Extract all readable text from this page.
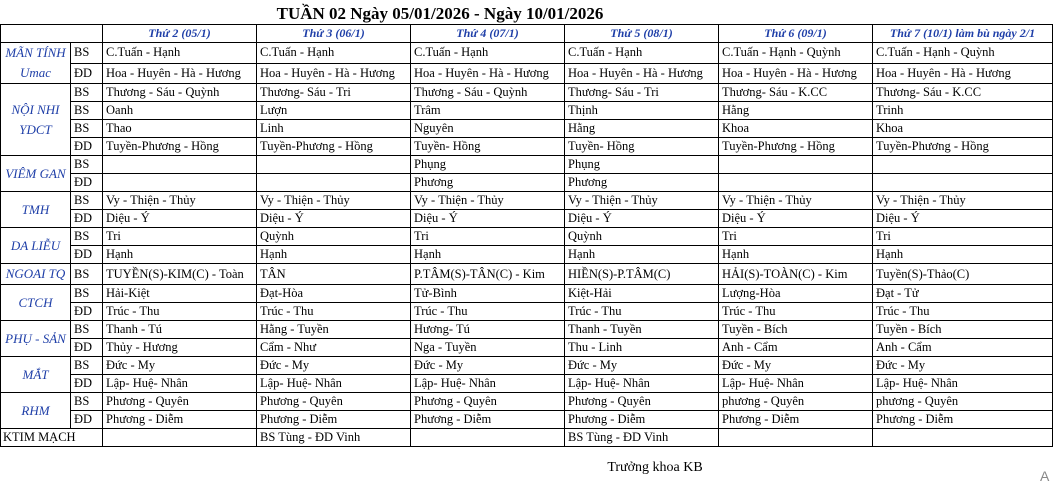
TUẦN 02 Ngày 05/01/2026 - Ngày 10/01/2026
		Thứ 2 (05/1)	Thứ 3 (06/1)	Thứ 4 (07/1)	Thứ 5 (08/1)	Thứ 6 (09/1)	Thứ 7 (10/1) làm bù ngày 2/1
MÃN TÍNH Umac	BS	C.Tuấn - Hạnh	C.Tuấn - Hạnh	C.Tuấn - Hạnh	C.Tuấn - Hạnh	C.Tuấn - Hạnh - Quỳnh	C.Tuấn - Hạnh - Quỳnh
	ĐD	Hoa - Huyên - Hà - Hương	Hoa - Huyên - Hà - Hương	Hoa - Huyên - Hà - Hương	Hoa - Huyên - Hà - Hương	Hoa - Huyên - Hà - Hương	Hoa - Huyên - Hà - Hương
NỘI NHI YDCT	BS	Thương - Sáu - Quỳnh	Thương- Sáu - Tri	Thương - Sáu - Quỳnh	Thương- Sáu - Tri	Thương- Sáu - K.CC	Thương- Sáu - K.CC
	BS	Oanh	Lượn	Trâm	Thịnh	Hằng	Trinh
	BS	Thao	Linh	Nguyên	Hằng	Khoa	Khoa
	ĐD	Tuyền-Phương - Hồng	Tuyền-Phương - Hồng	Tuyền- Hồng	Tuyền- Hồng	Tuyền-Phương - Hồng	Tuyền-Phương - Hồng
VIÊM GAN	BS			Phụng	Phụng		
	ĐD			Phương	Phương		
TMH	BS	Vy - Thiện - Thủy	Vy - Thiện - Thủy	Vy - Thiện - Thủy	Vy - Thiện - Thủy	Vy - Thiện - Thủy	Vy - Thiện - Thủy
	ĐD	Diệu - Ý	Diệu - Ý	Diệu - Ý	Diệu - Ý	Diệu - Ý	Diệu - Ý
DA LIỄU	BS	Tri	Quỳnh	Tri	Quỳnh	Tri	Tri
	ĐD	Hạnh	Hạnh	Hạnh	Hạnh	Hạnh	Hạnh
NGOAI TQ	BS	TUYỀN(S)-KIM(C) - Toàn	TÂN	P.TÂM(S)-TÂN(C) - Kim	HIỀN(S)-P.TÂM(C)	HẢI(S)-TOÀN(C) - Kim	Tuyền(S)-Thảo(C)
CTCH	BS	Hải-Kiệt	Đạt-Hòa	Tử-Bình	Kiệt-Hải	Lượng-Hòa	Đạt - Tử
	ĐD	Trúc - Thu	Trúc - Thu	Trúc - Thu	Trúc - Thu	Trúc - Thu	Trúc - Thu
PHỤ - SẢN	BS	Thanh - Tú	Hằng - Tuyền	Hương- Tú	Thanh - Tuyền	Tuyền - Bích	Tuyền - Bích
	ĐD	Thủy - Hương	Cẩm - Như	Nga - Tuyền	Thu - Linh	Anh - Cẩm	Anh - Cẩm
MẮT	BS	Đức - My	Đức - My	Đức - My	Đức - My	Đức - My	Đức - My
	ĐD	Lập- Huệ- Nhân	Lập- Huệ- Nhân	Lập- Huệ- Nhân	Lập- Huệ- Nhân	Lập- Huệ- Nhân	Lập- Huệ- Nhân
RHM	BS	Phương - Quyên	Phương - Quyên	Phương - Quyên	Phương - Quyên	phương - Quyên	phương - Quyên
	ĐD	Phương - Diễm	Phương - Diễm	Phương - Diễm	Phương - Diễm	Phương - Diễm	Phương - Diễm
KTIM MẠCH			BS Tùng - ĐD Vinh		BS Tùng - ĐD Vinh		
Trưởng khoa KB
A
